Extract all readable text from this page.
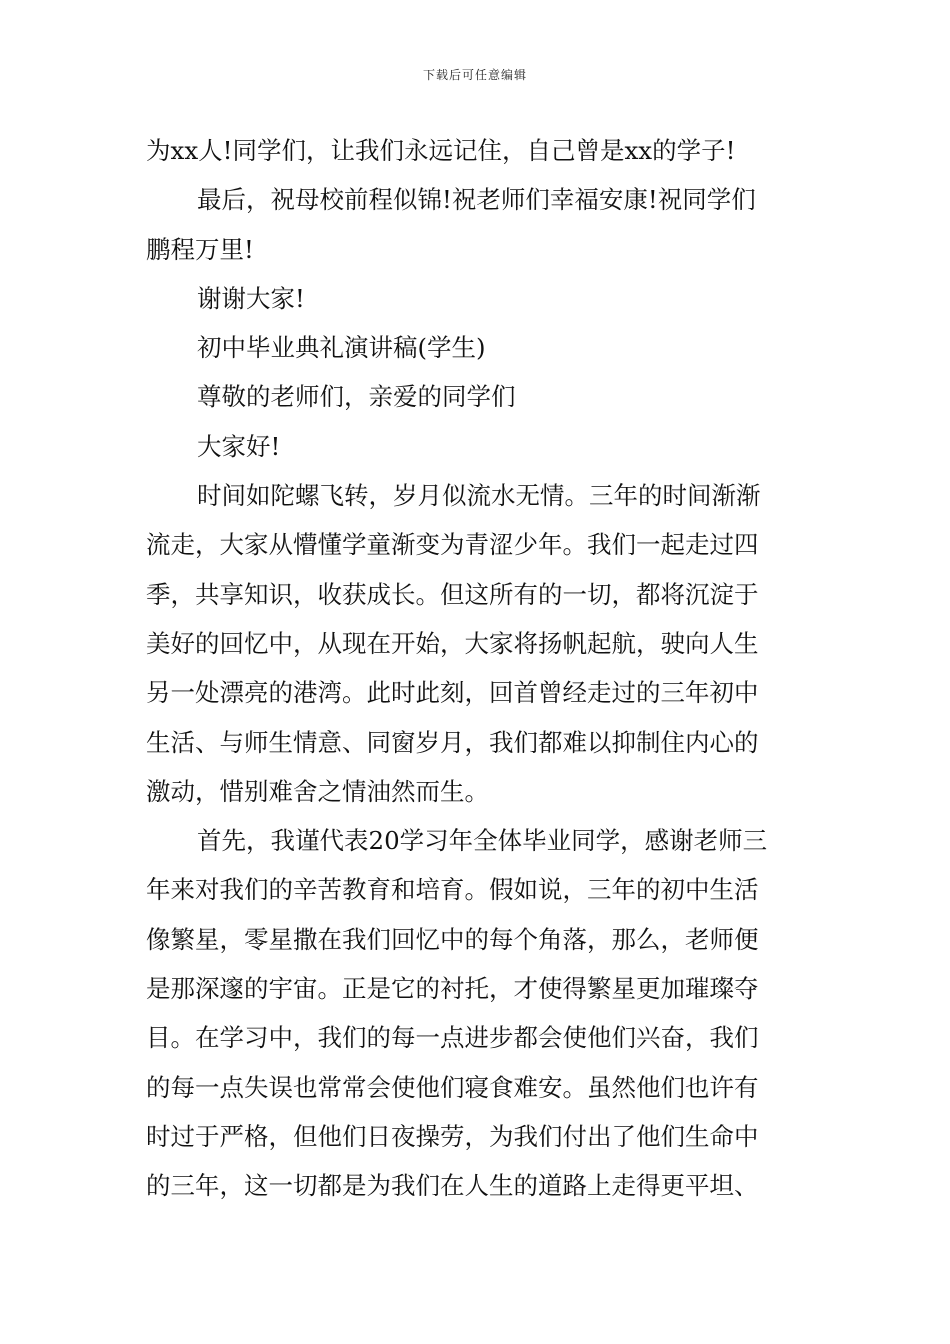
下载后可任意编辑
为xx人!同学们，让我们永远记住，自己曾是xx的学子!
最后，祝母校前程似锦!祝老师们幸福安康!祝同学们
鹏程万里!
谢谢大家!
初中毕业典礼演讲稿(学生)
尊敬的老师们，亲爱的同学们
大家好!
时间如陀螺飞转，岁月似流水无情。三年的时间渐渐
流走，大家从懵懂学童渐变为青涩少年。我们一起走过四
季，共享知识，收获成长。但这所有的一切，都将沉淀于
美好的回忆中，从现在开始，大家将扬帆起航，驶向人生
另一处漂亮的港湾。此时此刻，回首曾经走过的三年初中
生活、与师生情意、同窗岁月，我们都难以抑制住内心的
激动，惜别难舍之情油然而生。
首先，我谨代表20学习年全体毕业同学，感谢老师三
年来对我们的辛苦教育和培育。假如说，三年的初中生活
像繁星，零星撒在我们回忆中的每个角落，那么，老师便
是那深邃的宇宙。正是它的衬托，才使得繁星更加璀璨夺
目。在学习中，我们的每一点进步都会使他们兴奋，我们
的每一点失误也常常会使他们寝食难安。虽然他们也许有
时过于严格，但他们日夜操劳，为我们付出了他们生命中
的三年，这一切都是为我们在人生的道路上走得更平坦、
